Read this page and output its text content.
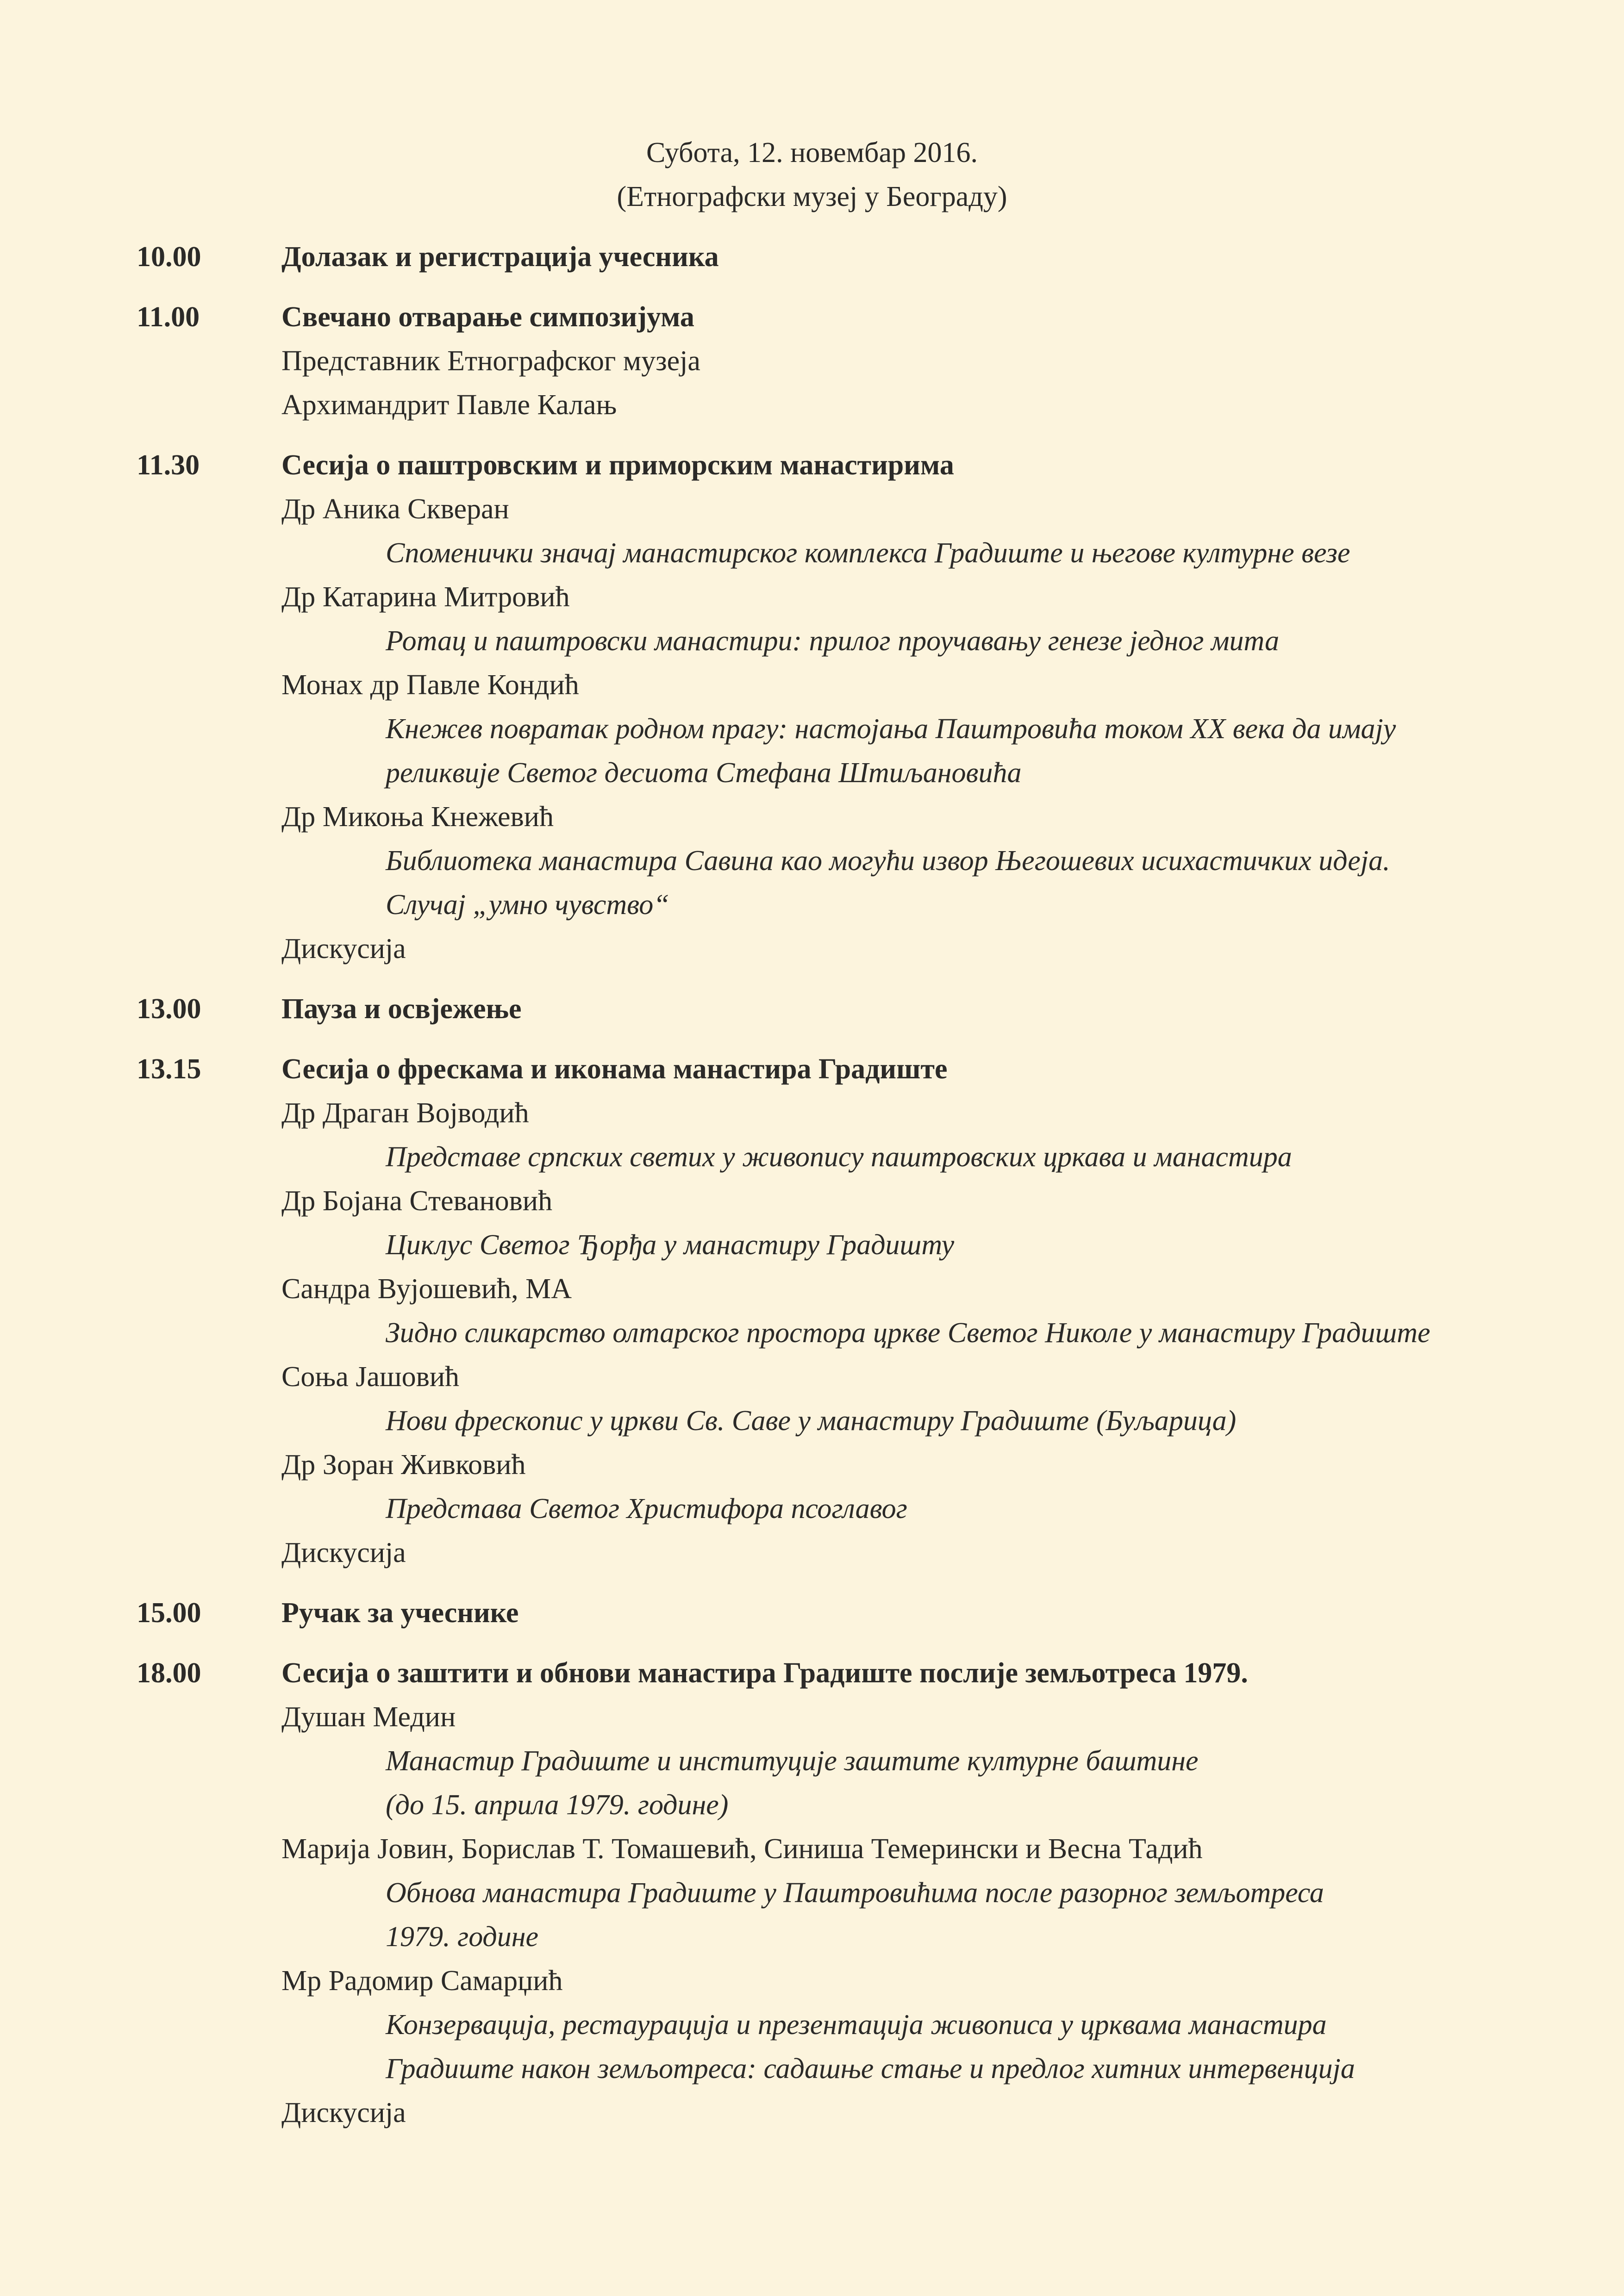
Субота, 12. новембар 2016.
(Етнографски музеј у Београду)
10.00	Долазак и регистрација учесника
11.00	Свечано отварање симпозијума
Представник Етнографског музеја
Архимандрит Павле Калањ
11.30	Сесија о паштровским и приморским манастирима
Др Аника Скверан
Споменички значај манастирског комплекса Градиште и његове културне везе
Др Катарина Митровић
Ротац и паштровски манастири: прилог проучавању генезе једног мита
Монах др Павле Кондић
Кнежев повратак родном прагу: настојања Паштровића током XX века да имају
реликвије Светог десиота Стефана Штиљановића
Др Микоња Кнежевић
Библиотека манастира Савина као могући извор Његошевих исихастичких идеја.
Случај „умно чувство“
Дискусија
13.00	Пауза и освјежење
13.15	Сесија о фрескама и иконама манастира Градиште
Др Драган Војводић
Представе српских светих у живопису паштровских цркава и манастира
Др Бојана Стевановић
Циклус Светог Ђорђа у манастиру Градишту
Сандра Вујошевић, МА
Зидно сликарство олтарског простора цркве Светог Николе у манастиру Градиште
Соња Јашовић
Нови фрескопис у цркви Св. Саве у манастиру Градиште (Буљарица)
Др Зоран Живковић
Представа Светог Христифора псоглавог
Дискусија
15.00	Ручак за учеснике
18.00	Сесија о заштити и обнови манастира Градиште послије земљотреса 1979.
Душан Медин
Манастир Градиште и институције заштите културне баштине
(до 15. априла 1979. године)
Марија Јовин, Борислав Т. Томашевић, Синиша Темерински и Весна Тадић
Обнова манастира Градиште у Паштровићима после разорног земљотреса
1979. године
Мр Радомир Самарџић
Конзервација, рестаурација и презентација живописа у црквама манастира
Градиште након земљотреса: садашње стање и предлог хитних интервенција
Дискусија
